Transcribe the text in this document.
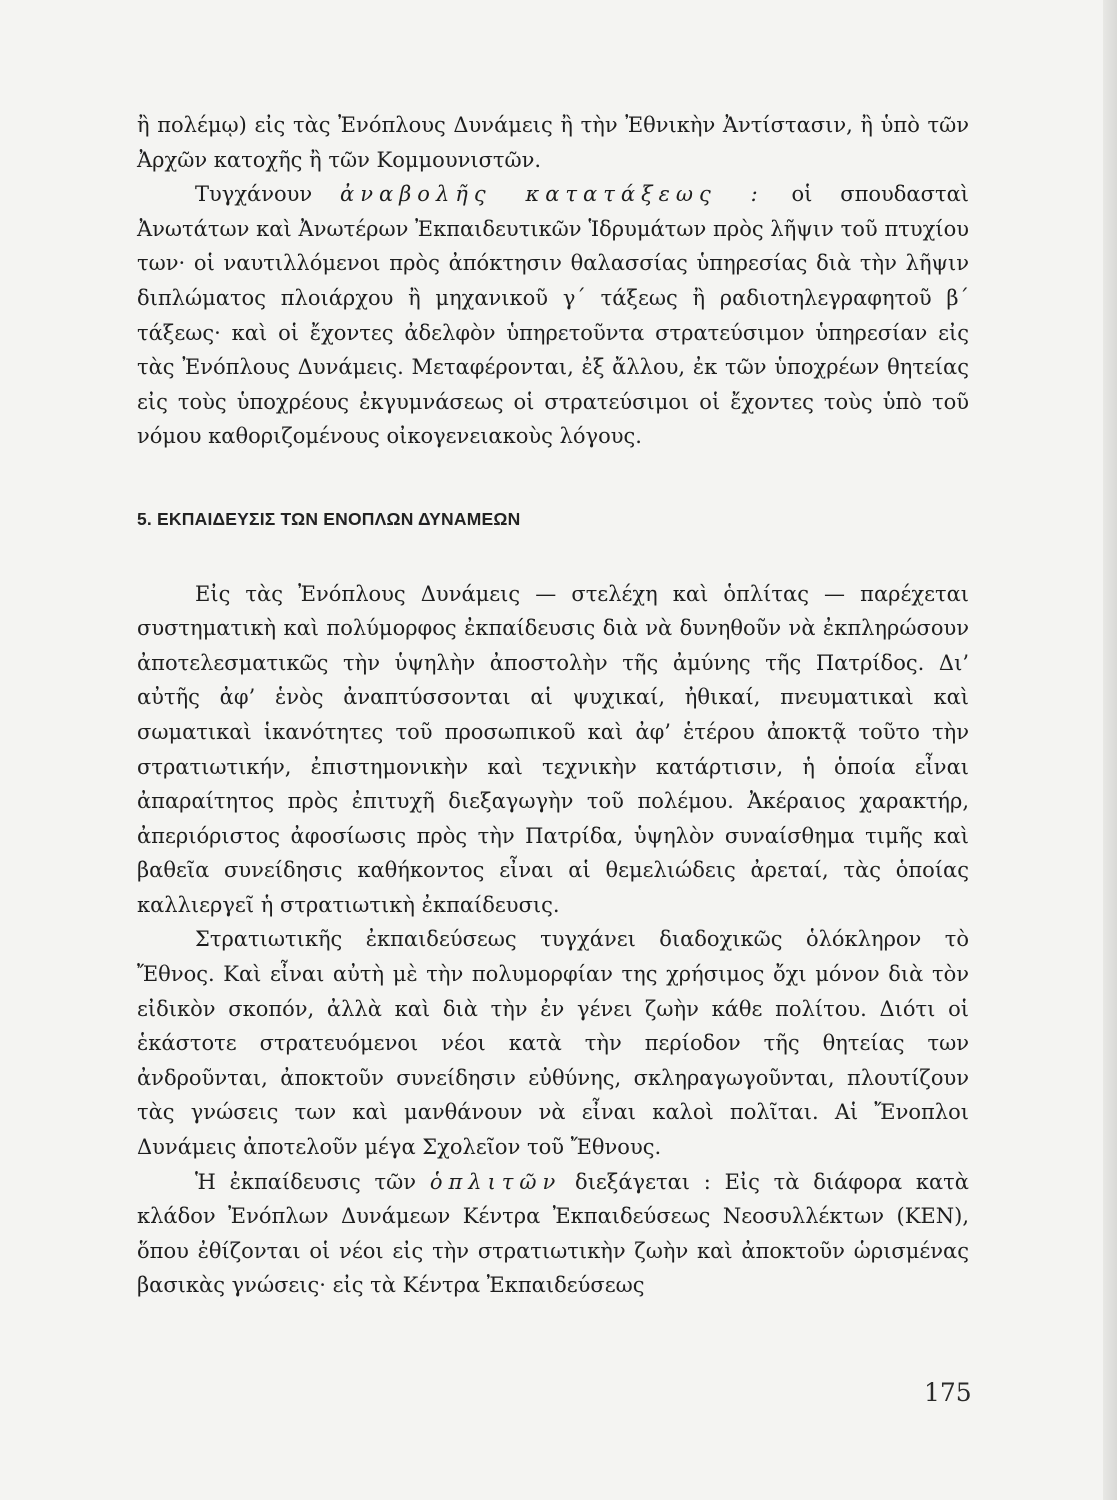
ἢ πολέμῳ) εἰς τὰς Ἐνόπλους Δυνάμεις ἢ τὴν Ἐθνικὴν Ἀντίστασιν, ἢ ὑπὸ τῶν Ἀρχῶν κατοχῆς ἢ τῶν Κομμουνιστῶν.

Τυγχάνουν ἀναβολῆς κατατάξεως : οἱ σπουδασταὶ Ἀνωτάτων καὶ Ἀνωτέρων Ἐκπαιδευτικῶν Ἱδρυμάτων πρὸς λῆψιν τοῦ πτυχίου των· οἱ ναυτιλλόμενοι πρὸς ἀπόκτησιν θαλασσίας ὑπηρεσίας διὰ τὴν λῆψιν διπλώματος πλοιάρχου ἢ μηχανικοῦ γ΄ τάξεως ἢ ραδιοτηλεγραφητοῦ β΄ τάξεως· καὶ οἱ ἔχοντες ἀδελφὸν ὑπηρετοῦντα στρατεύσιμον ὑπηρεσίαν εἰς τὰς Ἐνόπλους Δυνάμεις. Μεταφέρονται, ἐξ ἄλλου, ἐκ τῶν ὑποχρέων θητείας εἰς τοὺς ὑποχρέους ἐκγυμνάσεως οἱ στρατεύσιμοι οἱ ἔχοντες τοὺς ὑπὸ τοῦ νόμου καθοριζομένους οἰκογενειακοὺς λόγους.

5. ΕΚΠΑΙΔΕΥΣΙΣ ΤΩΝ ΕΝΟΠΛΩΝ ΔΥΝΑΜΕΩΝ

Εἰς τὰς Ἐνόπλους Δυνάμεις — στελέχη καὶ ὁπλίτας — παρέχεται συστηματικὴ καὶ πολύμορφος ἐκπαίδευσις διὰ νὰ δυνηθοῦν νὰ ἐκπληρώσουν ἀποτελεσματικῶς τὴν ὑψηλὴν ἀποστολὴν τῆς ἀμύνης τῆς Πατρίδος. Δι’ αὐτῆς ἀφ’ ἑνὸς ἀναπτύσσονται αἱ ψυχικαί, ἠθικαί, πνευματικαὶ καὶ σωματικαὶ ἱκανότητες τοῦ προσωπικοῦ καὶ ἀφ’ ἑτέρου ἀποκτᾷ τοῦτο τὴν στρατιωτικήν, ἐπιστημονικὴν καὶ τεχνικὴν κατάρτισιν, ἡ ὁποία εἶναι ἀπαραίτητος πρὸς ἐπιτυχῆ διεξαγωγὴν τοῦ πολέμου. Ἀκέραιος χαρακτήρ, ἀπεριόριστος ἀφοσίωσις πρὸς τὴν Πατρίδα, ὑψηλὸν συναίσθημα τιμῆς καὶ βαθεῖα συνείδησις καθήκοντος εἶναι αἱ θεμελιώδεις ἀρεταί, τὰς ὁποίας καλλιεργεῖ ἡ στρατιωτικὴ ἐκπαίδευσις.

Στρατιωτικῆς ἐκπαιδεύσεως τυγχάνει διαδοχικῶς ὁλόκληρον τὸ Ἔθνος. Καὶ εἶναι αὐτὴ μὲ τὴν πολυμορφίαν της χρήσιμος ὄχι μόνον διὰ τὸν εἰδικὸν σκοπόν, ἀλλὰ καὶ διὰ τὴν ἐν γένει ζωὴν κάθε πολίτου. Διότι οἱ ἑκάστοτε στρατευόμενοι νέοι κατὰ τὴν περίοδον τῆς θητείας των ἀνδροῦνται, ἀποκτοῦν συνείδησιν εὐθύνης, σκληραγωγοῦνται, πλουτίζουν τὰς γνώσεις των καὶ μανθάνουν νὰ εἶναι καλοὶ πολῖται. Αἱ Ἔνοπλοι Δυνάμεις ἀποτελοῦν μέγα Σχολεῖον τοῦ Ἔθνους.

Ἡ ἐκπαίδευσις τῶν ὁπλιτῶν διεξάγεται : Εἰς τὰ διάφορα κατὰ κλάδον Ἐνόπλων Δυνάμεων Κέντρα Ἐκπαιδεύσεως Νεοσυλλέκτων (ΚΕΝ), ὅπου ἐθίζονται οἱ νέοι εἰς τὴν στρατιωτικὴν ζωὴν καὶ ἀποκτοῦν ὡρισμένας βασικὰς γνώσεις· εἰς τὰ Κέντρα Ἐκπαιδεύσεως

175
